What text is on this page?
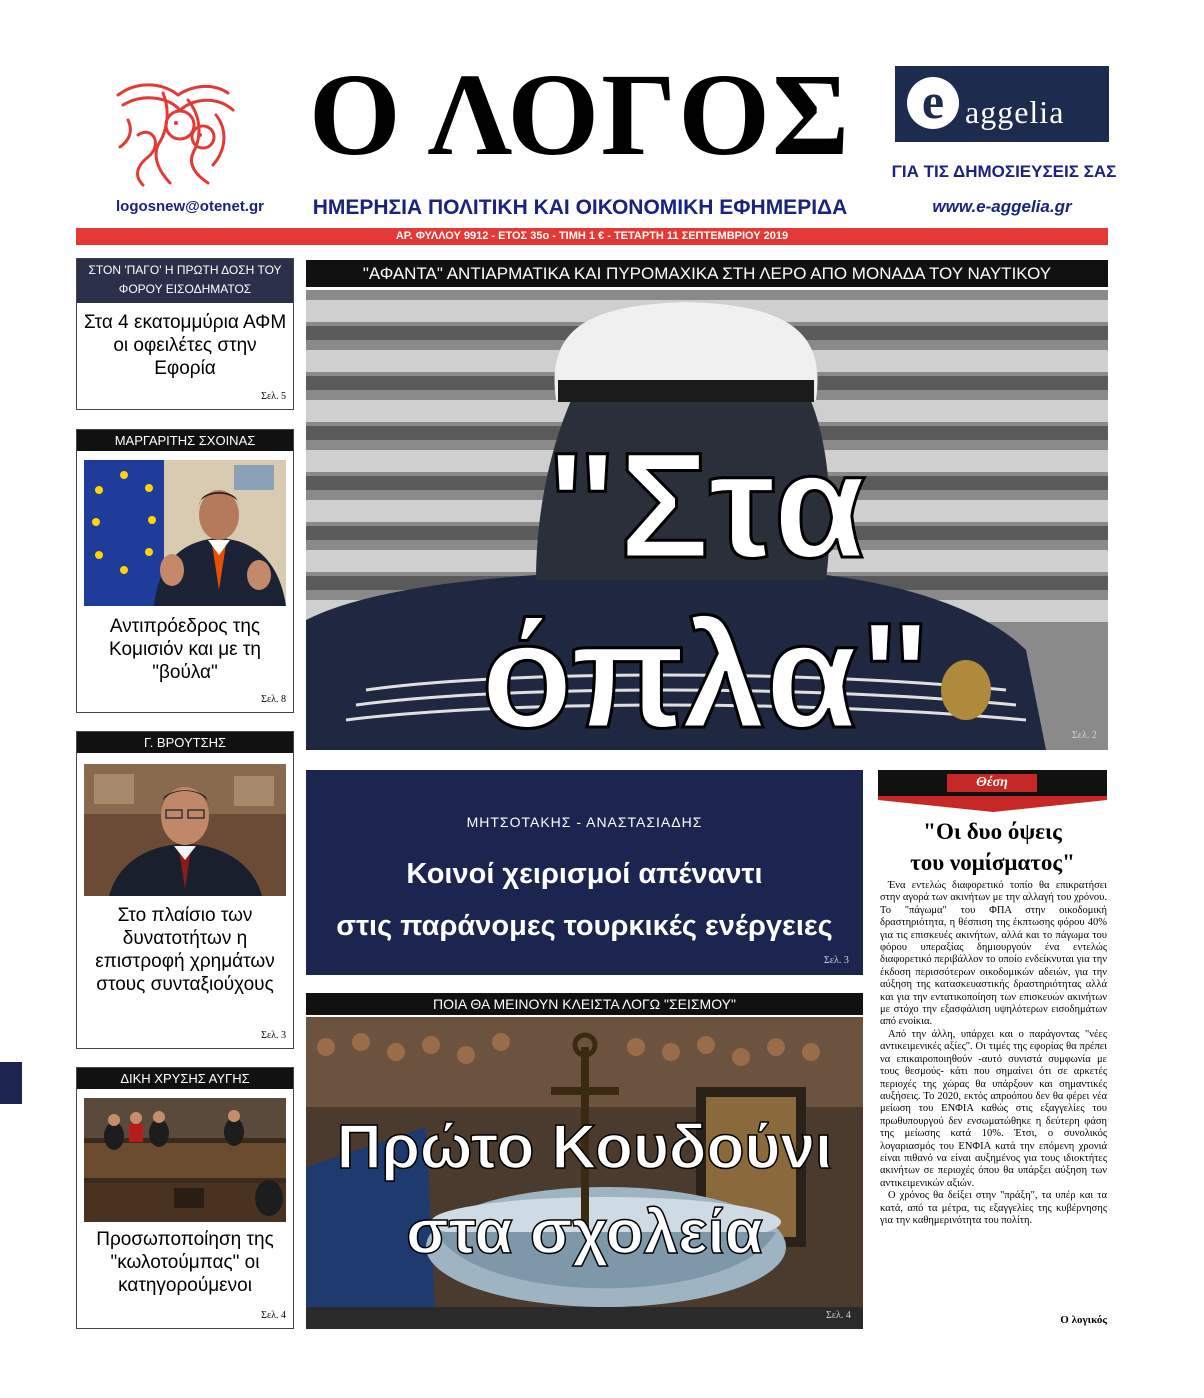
logosnew@otenet.gr
Ο ΛΟΓΟΣ
ΗΜΕΡΗΣΙΑ ΠΟΛΙΤΙΚΗ ΚΑΙ ΟΙΚΟΝΟΜΙΚΗ ΕΦΗΜΕΡΙΔΑ
e aggelia
ΓΙΑ ΤΙΣ ΔΗΜΟΣΙΕΥΣΕΙΣ ΣΑΣ
www.e-aggelia.gr
ΑΡ. ΦΥΛΛΟΥ 9912 - ΕΤΟΣ 35ο - ΤΙΜΗ 1 € - ΤΕΤΑΡΤΗ 11 ΣΕΠΤΕΜΒΡΙΟΥ 2019
ΣΤΟΝ 'ΠΑΓΟ' Η ΠΡΩΤΗ ΔΟΣΗ ΤΟΥ ΦΟΡΟΥ ΕΙΣΟΔΗΜΑΤΟΣ
Στα 4 εκατομμύρια ΑΦΜ οι οφειλέτες στην Εφορία
Σελ. 5
ΜΑΡΓΑΡΙΤΗΣ ΣΧΟΙΝΑΣ
Αντιπρόεδρος της Κομισιόν και με τη "βούλα"
Σελ. 8
Γ. ΒΡΟΥΤΣΗΣ
Στο πλαίσιο των δυνατοτήτων η επιστροφή χρημάτων στους συνταξιούχους
Σελ. 3
ΔΙΚΗ ΧΡΥΣΗΣ ΑΥΓΗΣ
Προσωποποίηση της "κωλοτούμπας" οι κατηγορούμενοι
Σελ. 4
"ΑΦΑΝΤΑ" ΑΝΤΙΑΡΜΑΤΙΚΑ ΚΑΙ ΠΥΡΟΜΑΧΙΚΑ ΣΤΗ ΛΕΡΟ ΑΠΟ ΜΟΝΑΔΑ ΤΟΥ ΝΑΥΤΙΚΟΥ
"Στα όπλα"	Σελ. 2
ΜΗΤΣΟΤΑΚΗΣ - ΑΝΑΣΤΑΣΙΑΔΗΣ
Κοινοί χειρισμοί απέναντι
στις παράνομες τουρκικές ενέργειες
Σελ. 3
ΠΟΙΑ ΘΑ ΜΕΙΝΟΥΝ ΚΛΕΙΣΤΑ ΛΟΓΩ "ΣΕΙΣΜΟΥ"
Πρώτο Κουδούνι
στα σχολεία
Σελ. 4
Θέση
"Οι δυο όψεις
του νομίσματος"

Ένα εντελώς διαφορετικό τοπίο θα επικρατήσει στην αγορά των ακινήτων με την αλλαγή του χρόνου. Το "πάγωμα" του ΦΠΑ στην οικοδομική δραστηριότητα, η θέσπιση της έκπτωσης φόρου 40% για τις επισκευές ακινήτων, αλλά και το πάγωμα του φόρου υπεραξίας δημιουργούν ένα εντελώς διαφορετικό περιβάλλον το οποίο ενδείκνυται για την έκδοση περισσότερων οικοδομικών αδειών, για την αύξηση της κατασκευαστικής δραστηριότητας αλλά και για την εντατικοποίηση των επισκευών ακινήτων με στόχο την εξασφάλιση υψηλότερων εισοδημάτων από ενοίκια.

Από την άλλη, υπάρχει και ο παράγοντας "νέες αντικειμενικές αξίες". Οι τιμές της εφορίας θα πρέπει να επικαιροποιηθούν -αυτό συνιστά συμφωνία με τους θεσμούς- κάτι που σημαίνει ότι σε αρκετές περιοχές της χώρας θα υπάρξουν και σημαντικές αυξήσεις. Το 2020, εκτός απροόπου δεν θα φέρει νέα μείωση του ΕΝΦΙΑ καθώς στις εξαγγελίες του πρωθυπουργού δεν ενσωματώθηκε η δεύτερη φάση της μείωσης κατά 10%. Έτσι, ο συνολικός λογαριασμός του ΕΝΦΙΑ κατά την επόμενη χρονιά είναι πιθανό να είναι αυξημένος για τους ιδιοκτήτες ακινήτων σε περιοχές όπου θα υπάρξει αύξηση των αντικειμενικών αξιών.

Ο χρόνος θα δείξει στην "πράξη", τα υπέρ και τα κατά, από τα μέτρα, τις εξαγγελίες της κυβέρνησης για την καθημερινότητα του πολίτη.

Ο λογικός
